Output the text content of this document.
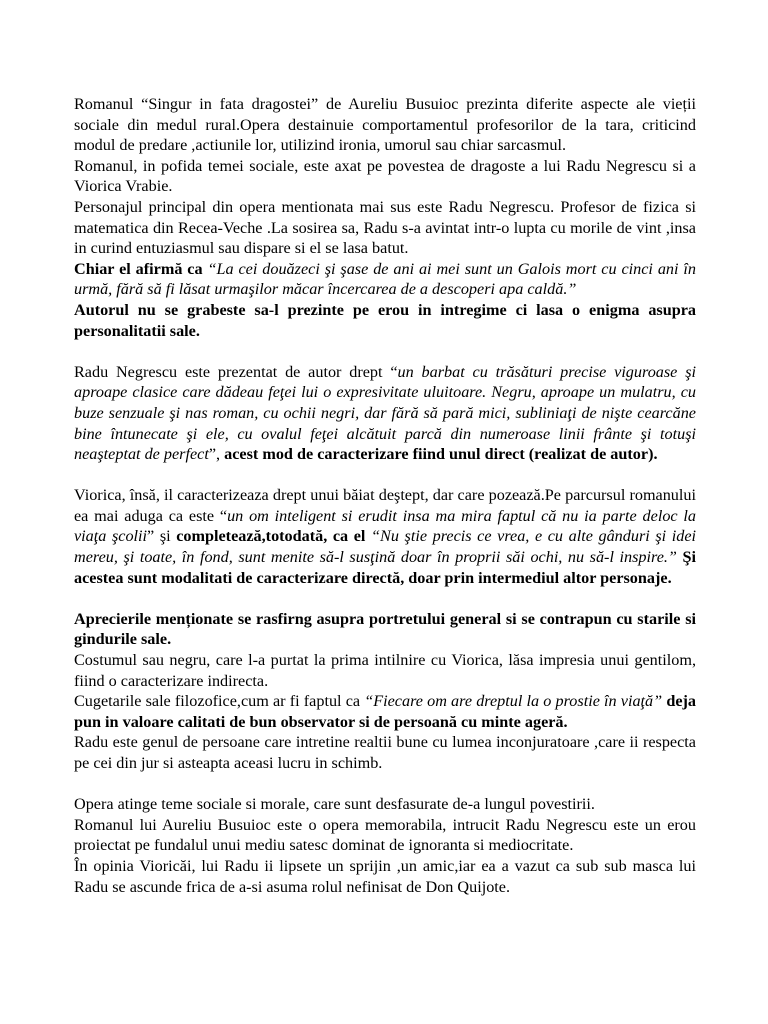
Romanul “Singur in fata dragostei” de Aureliu Busuioc prezinta diferite aspecte ale vieții sociale din medul rural.Opera destainuie comportamentul profesorilor de la tara, criticind modul de predare ,actiunile lor, utilizind ironia, umorul sau chiar sarcasmul.

Romanul, in pofida temei sociale, este axat pe povestea de dragoste a lui Radu Negrescu si a Viorica Vrabie.

Personajul principal din opera mentionata mai sus este Radu Negrescu. Profesor de fizica si matematica din Recea-Veche .La sosirea sa, Radu s-a avintat intr-o lupta cu morile de vint ,insa in curind entuziasmul sau dispare si el se lasa batut.

Chiar el afirmă ca “La cei douăzeci şi şase de ani ai mei sunt un Galois mort cu cinci ani în urmă, fără să fi lăsat urmaşilor măcar încercarea de a descoperi apa caldă.”

Autorul nu se grabeste sa-l prezinte pe erou in intregime ci lasa o enigma asupra personalitatii sale.

Radu Negrescu este prezentat de autor drept “un barbat cu trăsături precise viguroase şi aproape clasice care dădeau feţei lui o expresivitate uluitoare. Negru, aproape un mulatru, cu buze senzuale şi nas roman, cu ochii negri, dar fără să pară mici, subliniaţi de nişte cearcăne bine întunecate şi ele, cu ovalul feţei alcătuit parcă din numeroase linii frânte şi totuşi neaşteptat de perfect”, acest mod de caracterizare fiind unul direct (realizat de autor).

Viorica, însă, il caracterizeaza drept unui băiat deştept, dar care pozează.Pe parcursul romanului ea mai aduga ca este “un om inteligent si erudit insa ma mira faptul că nu ia parte deloc la viaţa şcolii” şi completează,totodată, ca el “Nu ştie precis ce vrea, e cu alte gânduri şi idei mereu, şi toate, în fond, sunt menite să-l susţină doar în proprii săi ochi, nu să-l inspire.” Şi acestea sunt modalitati de caracterizare directă, doar prin intermediul altor personaje.

Aprecierile menționate se rasfirng asupra portretului general si se contrapun cu starile si gindurile sale.

Costumul sau negru, care l-a purtat la prima intilnire cu Viorica, lăsa impresia unui gentilom, fiind o caracterizare indirecta.

Cugetarile sale filozofice,cum ar fi faptul ca “Fiecare om are dreptul la o prostie în viaţă” deja pun in valoare calitati de bun observator si de persoană cu minte ageră.

Radu este genul de persoane care intretine realtii bune cu lumea inconjuratoare ,care ii respecta pe cei din jur si asteapta aceasi lucru in schimb.

Opera atinge teme sociale si morale, care sunt desfasurate de-a lungul povestirii.

Romanul lui Aureliu Busuioc este o opera memorabila, intrucit Radu Negrescu este un erou proiectat pe fundalul unui mediu satesc dominat de ignoranta si mediocritate.

În opinia Vioricăi, lui Radu ii lipsete un sprijin ,un amic,iar ea a vazut ca sub sub masca lui Radu se ascunde frica de a-si asuma rolul nefinisat de Don Quijote.
